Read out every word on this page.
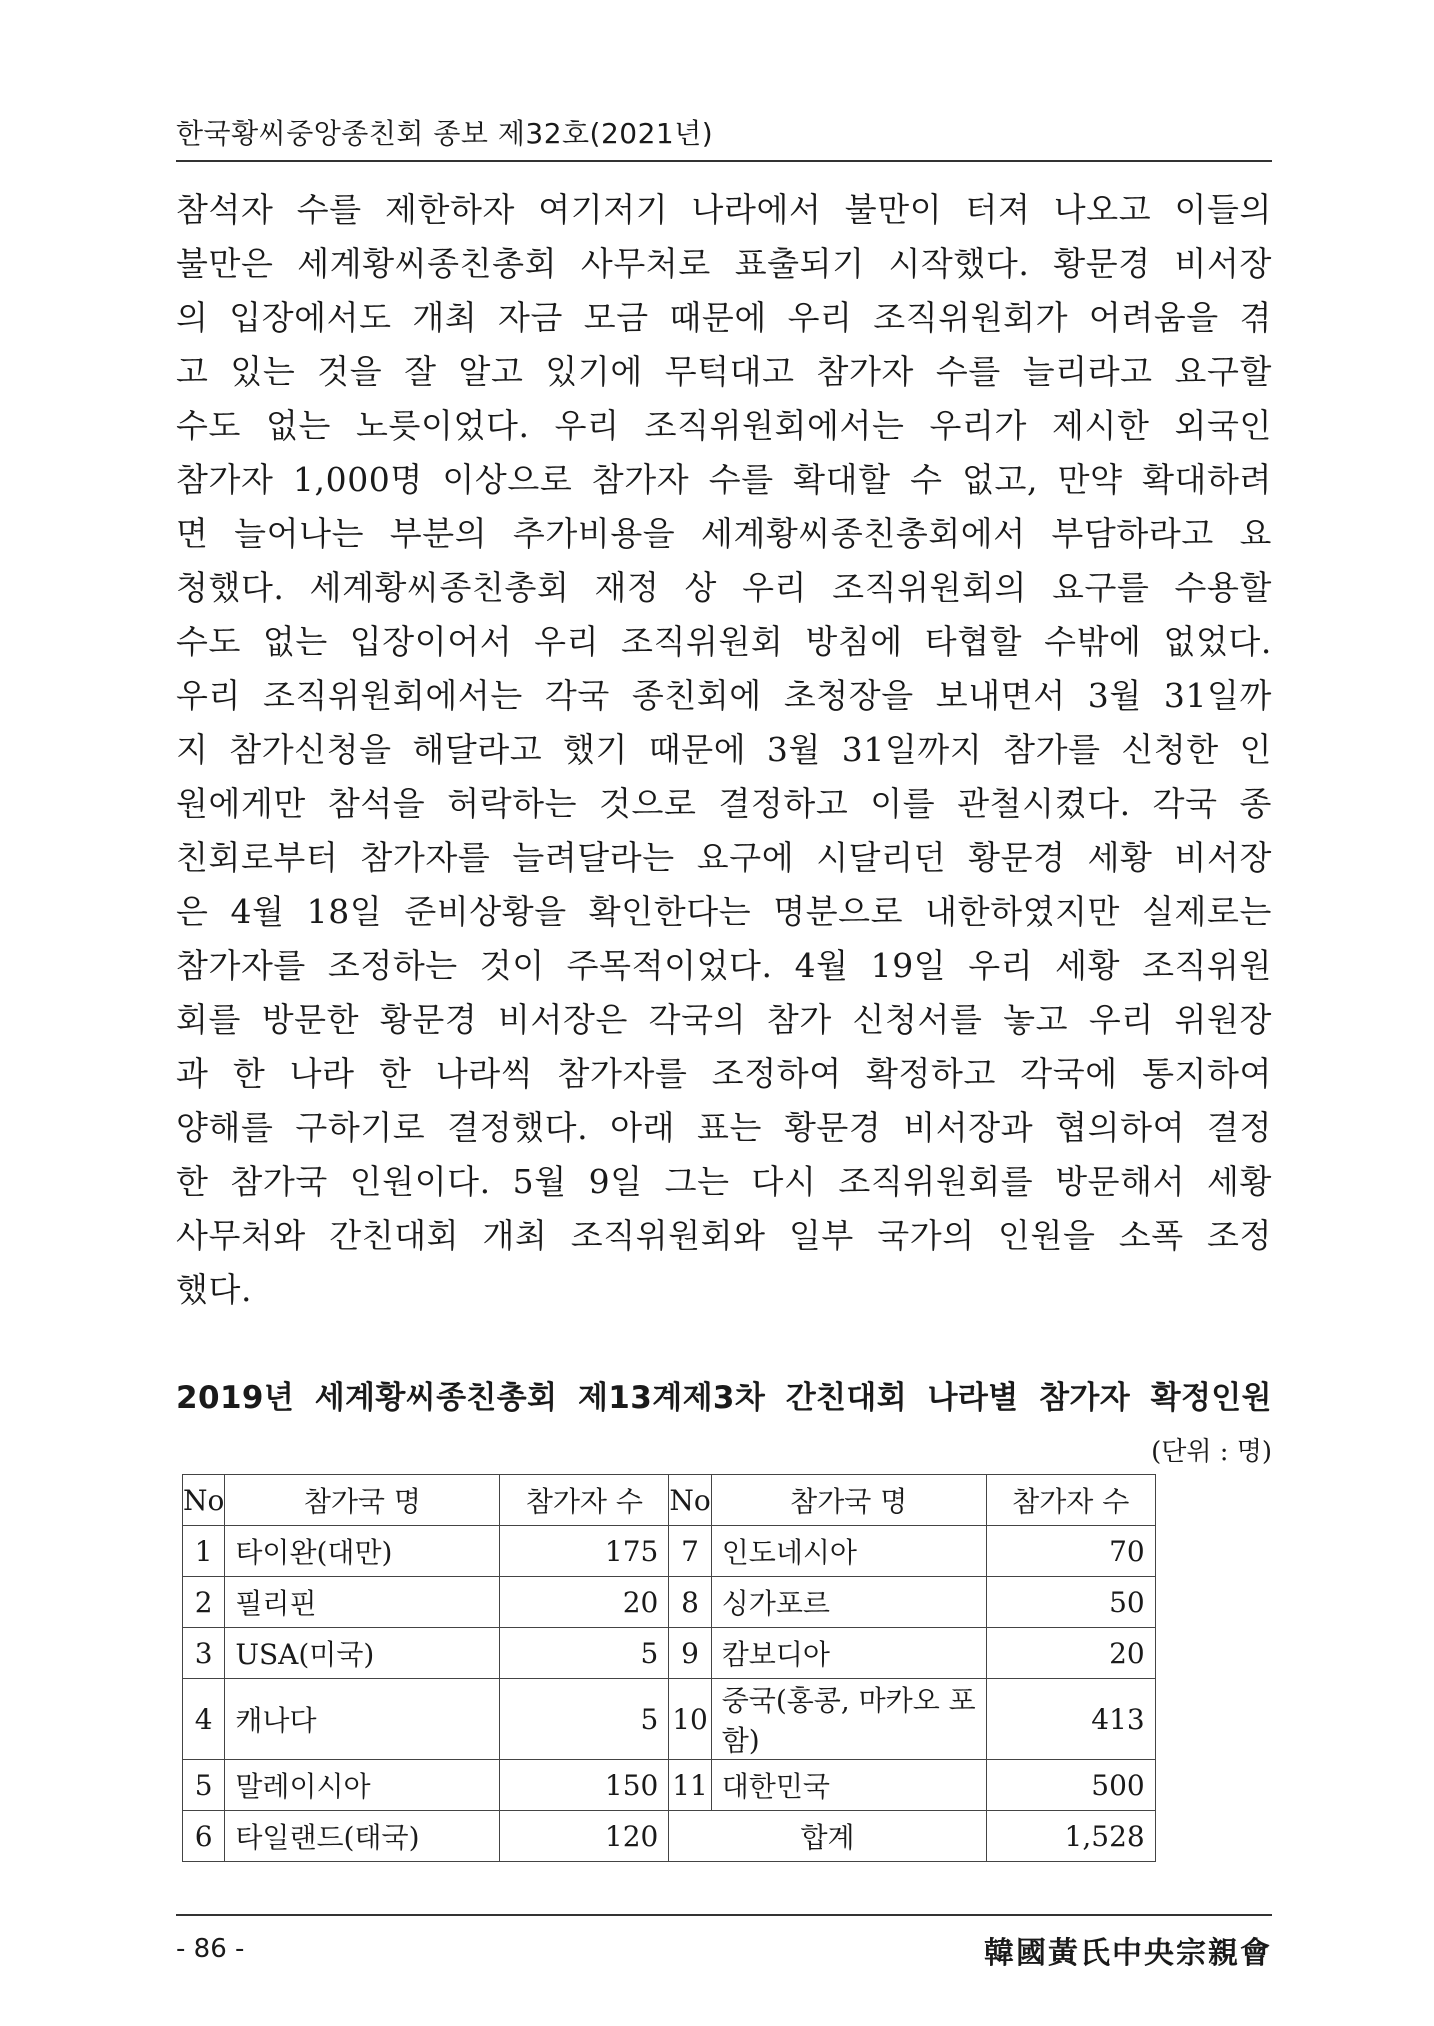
한국황씨중앙종친회 종보 제32호(2021년)
참석자 수를 제한하자 여기저기 나라에서 불만이 터져 나오고 이들의
불만은 세계황씨종친총회 사무처로 표출되기 시작했다. 황문경 비서장
의 입장에서도 개최 자금 모금 때문에 우리 조직위원회가 어려움을 겪
고 있는 것을 잘 알고 있기에 무턱대고 참가자 수를 늘리라고 요구할
수도 없는 노릇이었다. 우리 조직위원회에서는 우리가 제시한 외국인
참가자 1,000명 이상으로 참가자 수를 확대할 수 없고, 만약 확대하려
면 늘어나는 부분의 추가비용을 세계황씨종친총회에서 부담하라고 요
청했다. 세계황씨종친총회 재정 상 우리 조직위원회의 요구를 수용할
수도 없는 입장이어서 우리 조직위원회 방침에 타협할 수밖에 없었다.
우리 조직위원회에서는 각국 종친회에 초청장을 보내면서 3월 31일까
지 참가신청을 해달라고 했기 때문에 3월 31일까지 참가를 신청한 인
원에게만 참석을 허락하는 것으로 결정하고 이를 관철시켰다. 각국 종
친회로부터 참가자를 늘려달라는 요구에 시달리던 황문경 세황 비서장
은 4월 18일 준비상황을 확인한다는 명분으로 내한하였지만 실제로는
참가자를 조정하는 것이 주목적이었다. 4월 19일 우리 세황 조직위원
회를 방문한 황문경 비서장은 각국의 참가 신청서를 놓고 우리 위원장
과 한 나라 한 나라씩 참가자를 조정하여 확정하고 각국에 통지하여
양해를 구하기로 결정했다. 아래 표는 황문경 비서장과 협의하여 결정
한 참가국 인원이다. 5월 9일 그는 다시 조직위원회를 방문해서 세황
사무처와 간친대회 개최 조직위원회와 일부 국가의 인원을 소폭 조정
했다.
2019년 세계황씨종친총회 제13계제3차 간친대회 나라별 참가자 확정인원
(단위 : 명)
No	참가국 명	참가자 수	No	참가국 명	참가자 수
1	타이완(대만)	175	7	인도네시아	70
2	필리핀	20	8	싱가포르	50
3	USA(미국)	5	9	캄보디아	20
4	캐나다	5	10	중국(홍콩, 마카오 포함)	413
5	말레이시아	150	11	대한민국	500
6	타일랜드(태국)	120	합계		1,528
- 86 -	韓國黃氏中央宗親會
